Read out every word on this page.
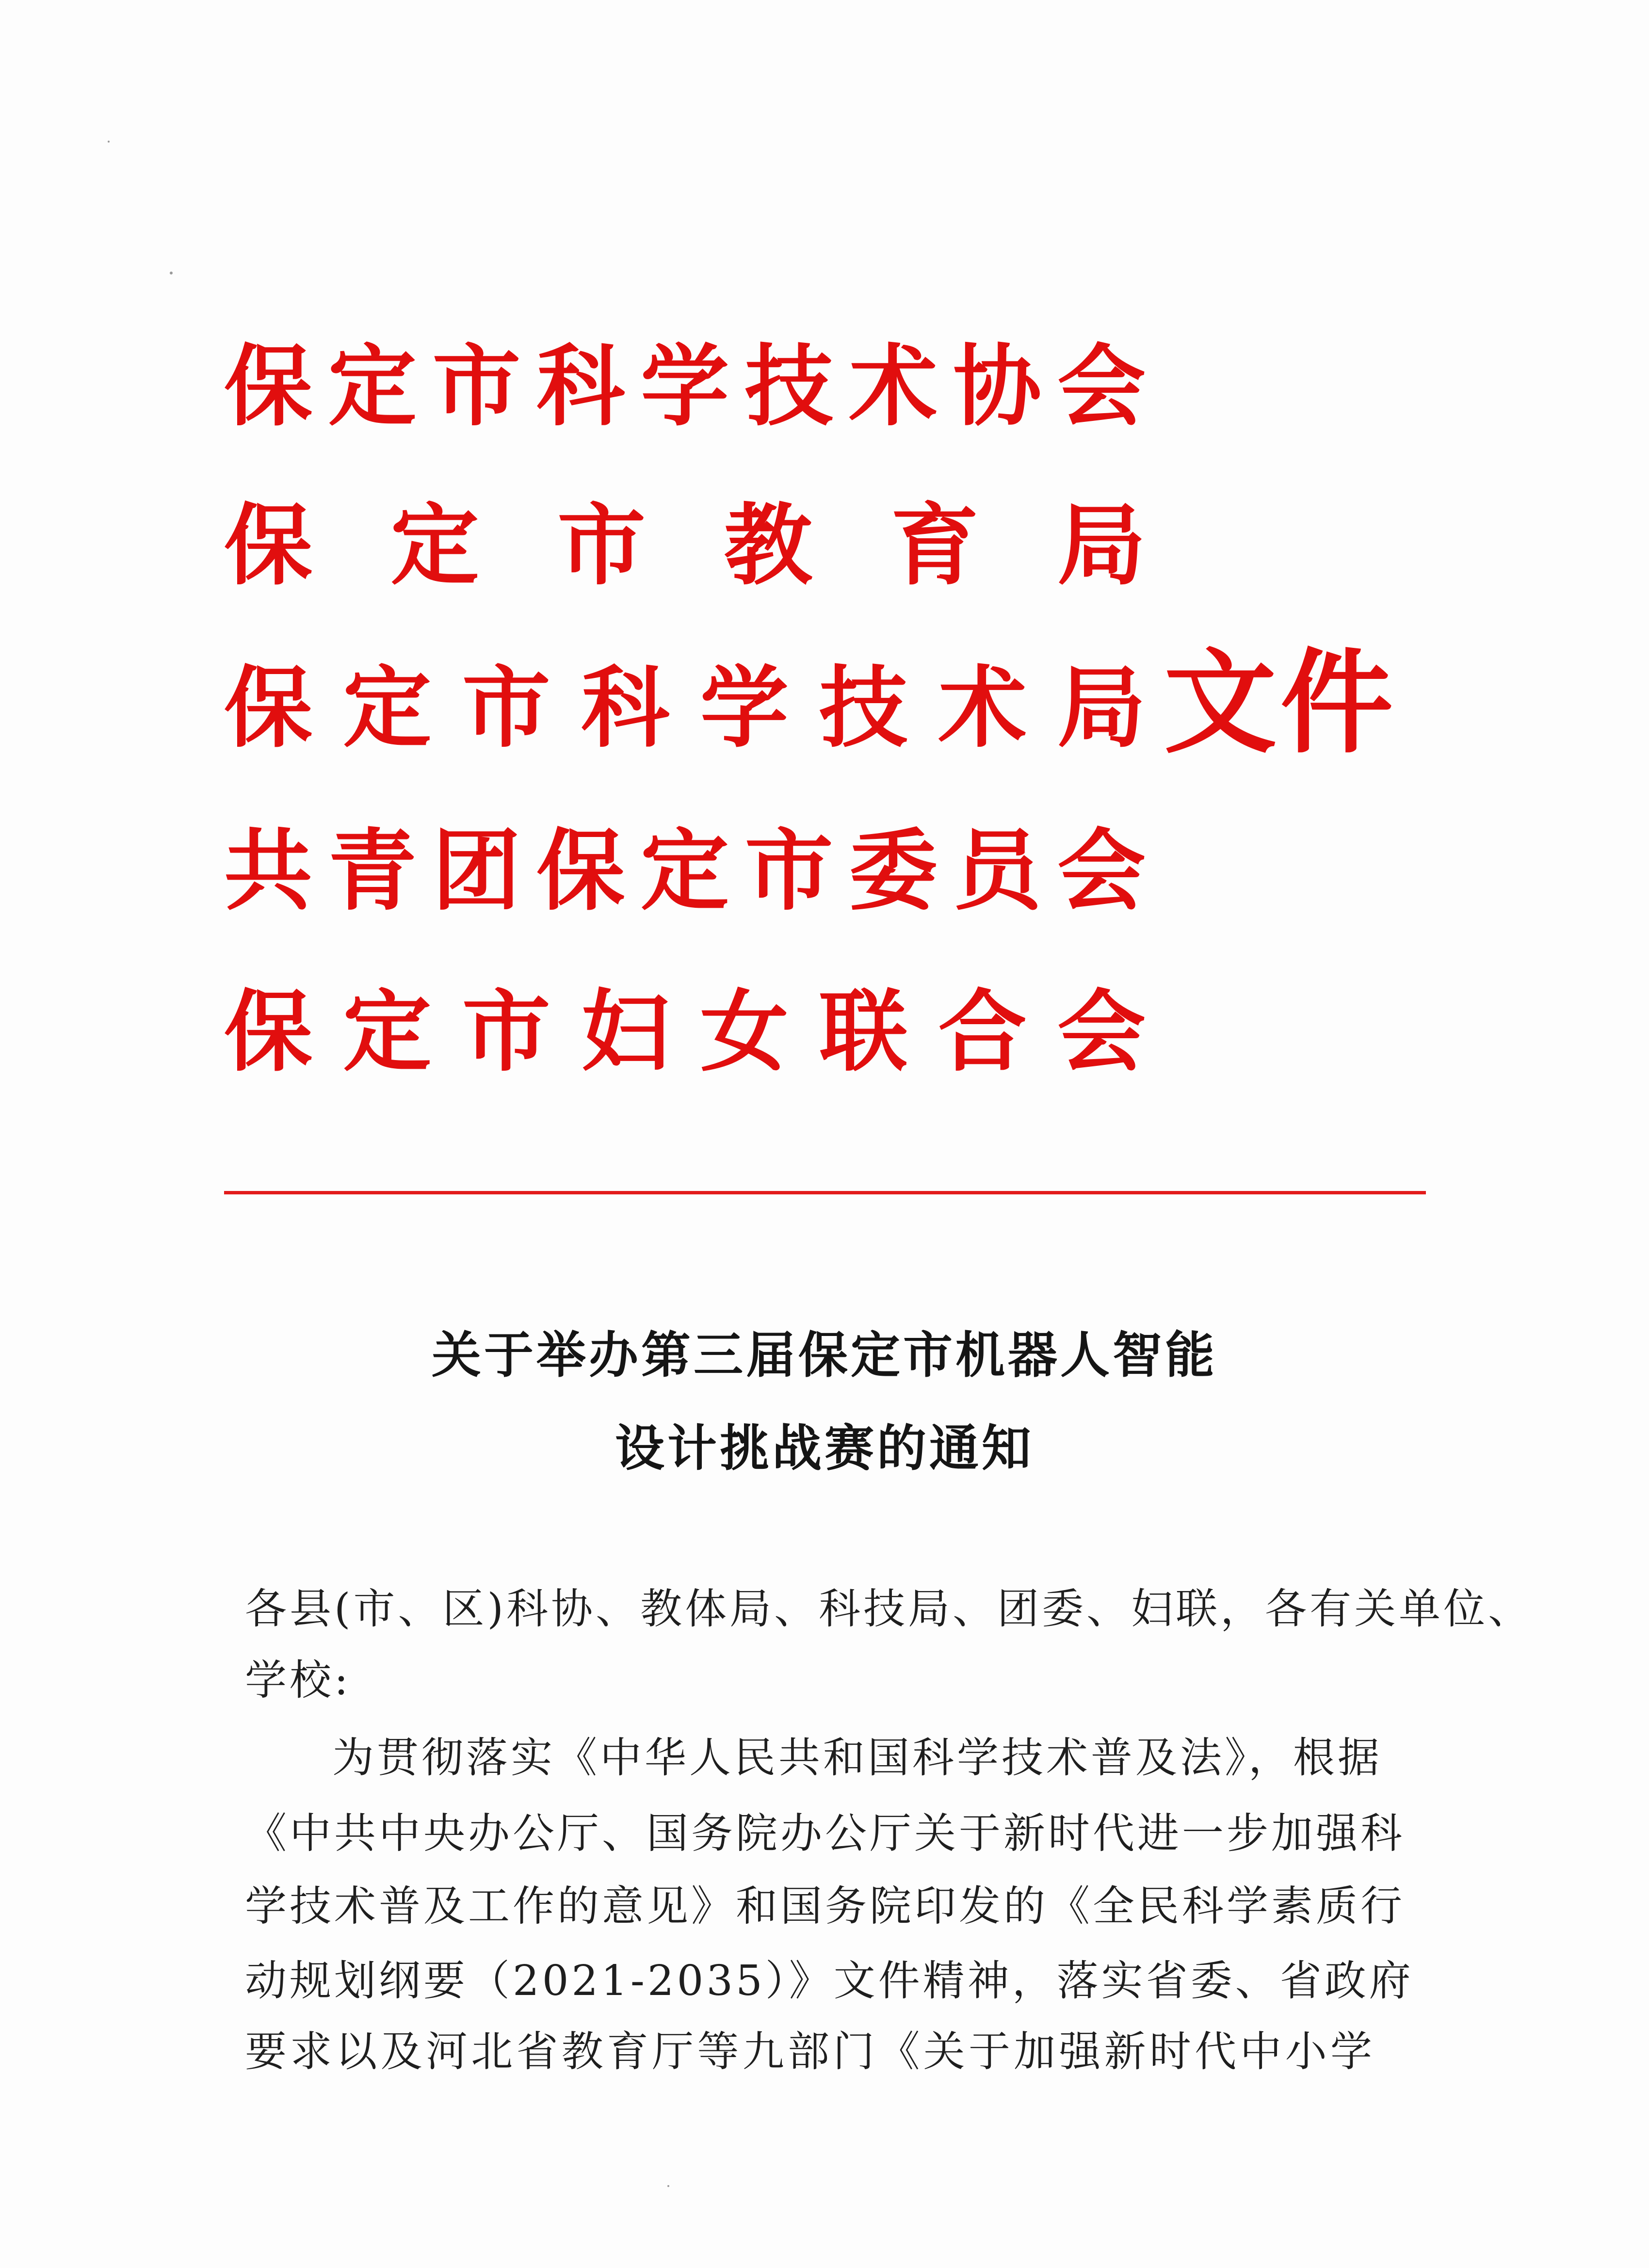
保定市科学技术协会
保 定 市 教 育 局
保定市科学技术局
共青团保定市委员会
保定市妇女联合会
文件
关于举办第三届保定市机器人智能
设计挑战赛的通知
各县(市、区)科协、教体局、科技局、团委、妇联，各有关单位、
学校:
为贯彻落实《中华人民共和国科学技术普及法》，根据
《中共中央办公厅、国务院办公厅关于新时代进一步加强科
学技术普及工作的意见》和国务院印发的《全民科学素质行
动规划纲要（2021-2035）》文件精神，落实省委、省政府
要求以及河北省教育厅等九部门《关于加强新时代中小学
